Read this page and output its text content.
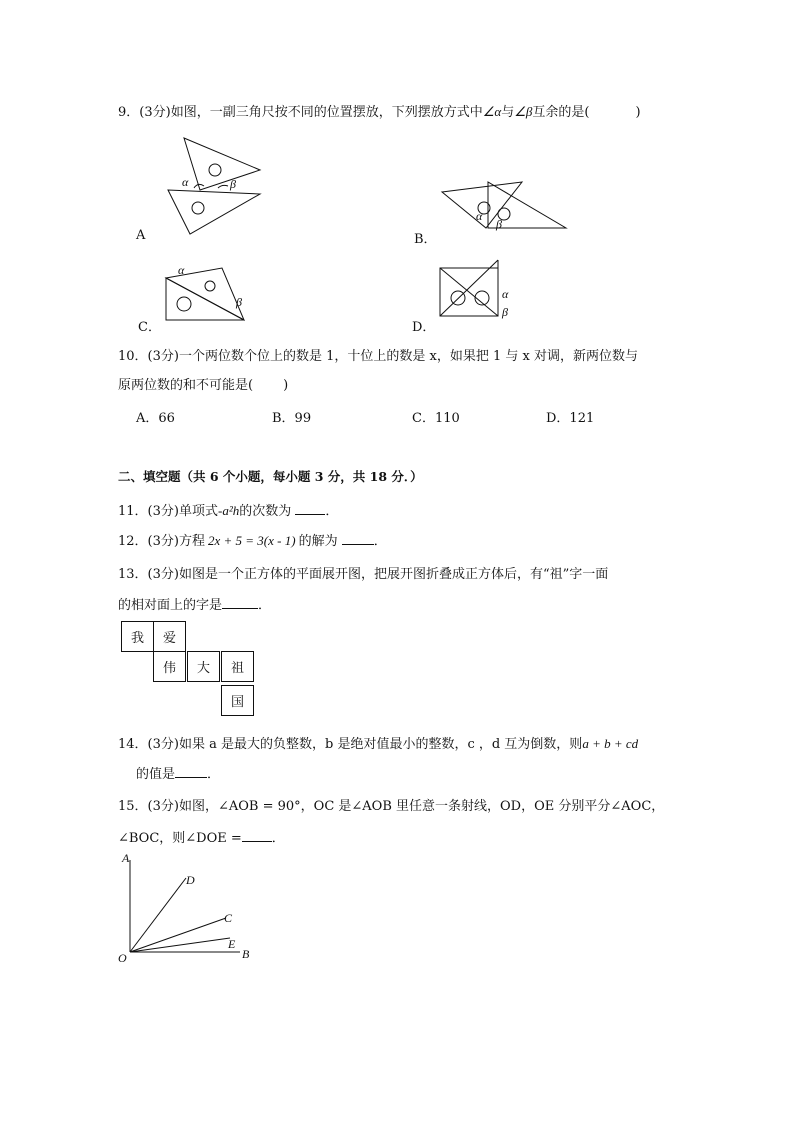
9．(3分)如图，一副三角尺按不同的位置摆放，下列摆放方式中∠α与∠β互余的是(	)
α	β
A
α
β
B．
α
β
C．
α
β
D．
10．(3分)一个两位数个位上的数是 1，十位上的数是 x，如果把 1 与 x 对调，新两位数与
原两位数的和不可能是( )
A．66	B．99	C．110	D．121
二、填空题（共 6 个小题，每小题 3 分，共 18 分．）
11．(3分)单项式-a²h的次数为	．
12．(3分)方程 2x + 5 = 3(x - 1) 的解为	．
13．(3分)如图是一个正方体的平面展开图，把展开图折叠成正方体后，有“祖”字一面
的相对面上的字是	．
我	爱
伟	大	祖
国
14．(3分)如果 a 是最大的负整数，b 是绝对值最小的整数，c ，d 互为倒数，则a + b + cd
的值是 ．
15．(3分)如图，∠AOB = 90°，OC 是∠AOB 里任意一条射线，OD，OE 分别平分∠AOC，
∠BOC，则∠DOE = ．
A
D
C
E
B
O
